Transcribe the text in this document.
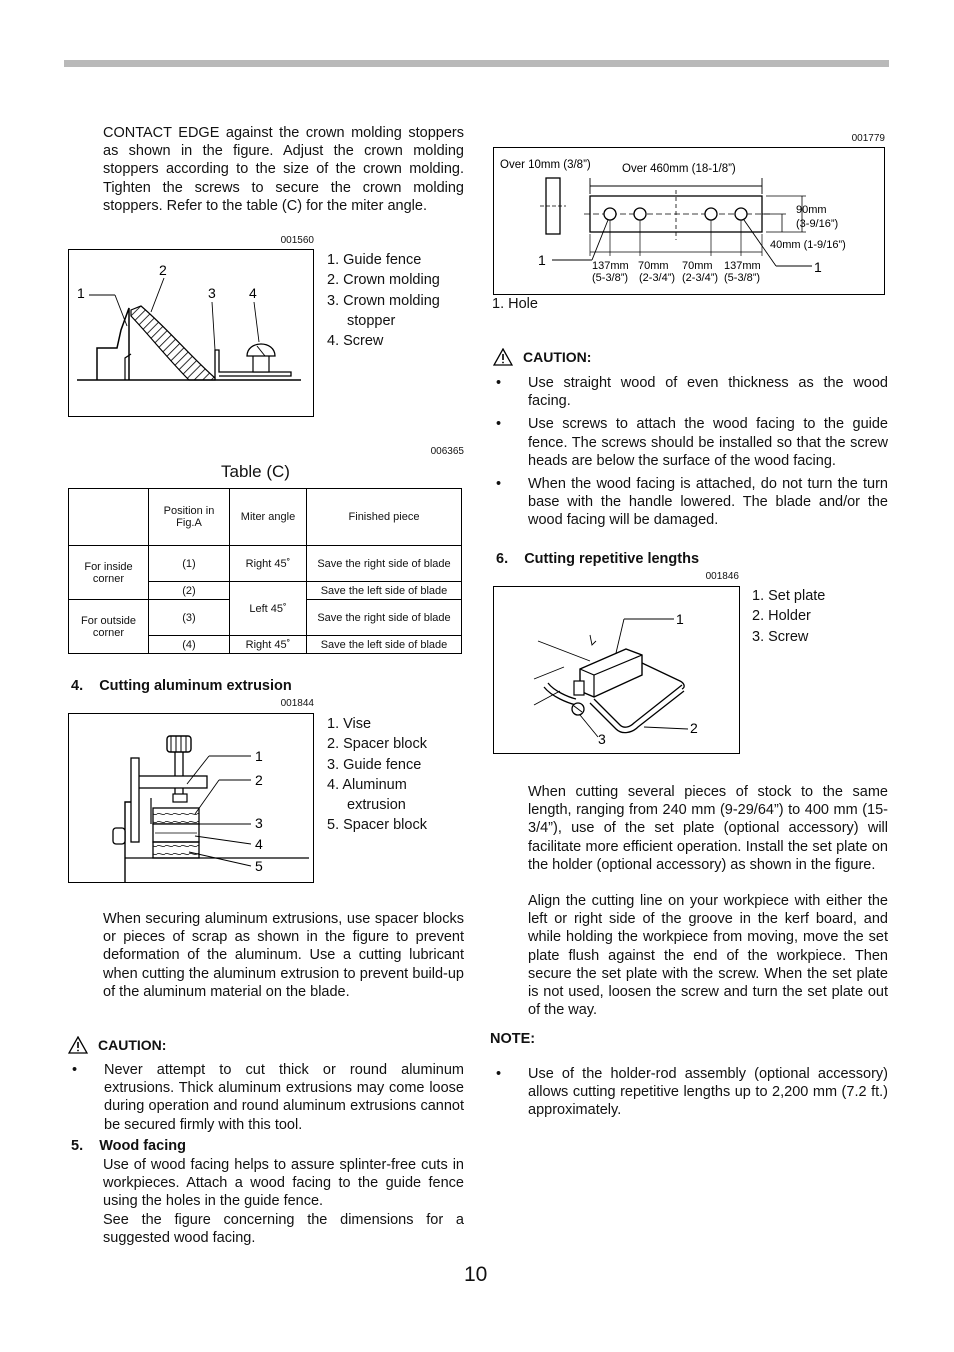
CONTACT EDGE against the crown molding stoppers as shown in the figure. Adjust the crown molding stoppers according to the size of the crown molding. Tighten the screws to secure the crown molding stoppers. Refer to the table (C) for the miter angle.

001560
1
2
3 4
1. Guide fence
2. Crown molding
3. Crown molding stopper
4. Screw
006365
Table (C)
	Position in Fig.A	Miter angle	Finished piece
For inside corner	(1)	Right 45˚	Save the right side of blade
	(2)	Left 45˚	Save the left side of blade
For outside corner	(3)		Save the right side of blade
	(4)	Right 45˚	Save the left side of blade
4.    Cutting aluminum extrusion
001844
1
2
3
4
5
1. Vise
2. Spacer block
3. Guide fence
4. Aluminum extrusion
5. Spacer block

When securing aluminum extrusions, use spacer blocks or pieces of scrap as shown in the figure to prevent deformation of the aluminum. Use a cutting lubricant when cutting the aluminum extrusion to prevent build-up of the aluminum material on the blade.

CAUTION:
• Never attempt to cut thick or round aluminum extrusions. Thick aluminum extrusions may come loose during operation and round aluminum extrusions cannot be secured firmly with this tool.
5.    Wood facing

Use of wood facing helps to assure splinter-free cuts in workpieces. Attach a wood facing to the guide fence using the holes in the guide fence.

See the figure concerning the dimensions for a suggested wood facing.

001779
Over 10mm (3/8”)	Over 460mm (18-1/8”)
90mm
(3-9/16”)
40mm (1-9/16”)
137mm 70mm 70mm 137mm
(5-3/8”) (2-3/4”) (2-3/4”) (5-3/8”)
1	1
1. Hole
CAUTION:
• Use straight wood of even thickness as the wood facing.
• Use screws to attach the wood facing to the guide fence. The screws should be installed so that the screw heads are below the surface of the wood facing.
• When the wood facing is attached, do not turn the turn base with the handle lowered. The blade and/or the wood facing will be damaged.
6.    Cutting repetitive lengths
001846
1
2
3
1. Set plate
2. Holder
3. Screw

When cutting several pieces of stock to the same length, ranging from 240 mm (9-29/64”) to 400 mm (15-3/4”), use of the set plate (optional accessory) will facilitate more efficient operation. Install the set plate on the holder (optional accessory) as shown in the figure.

Align the cutting line on your workpiece with either the left or right side of the groove in the kerf board, and while holding the workpiece from moving, move the set plate flush against the end of the workpiece. Then secure the set plate with the screw. When the set plate is not used, loosen the screw and turn the set plate out of the way.

NOTE:
• Use of the holder-rod assembly (optional accessory) allows cutting repetitive lengths up to 2,200 mm (7.2 ft.) approximately.
10
